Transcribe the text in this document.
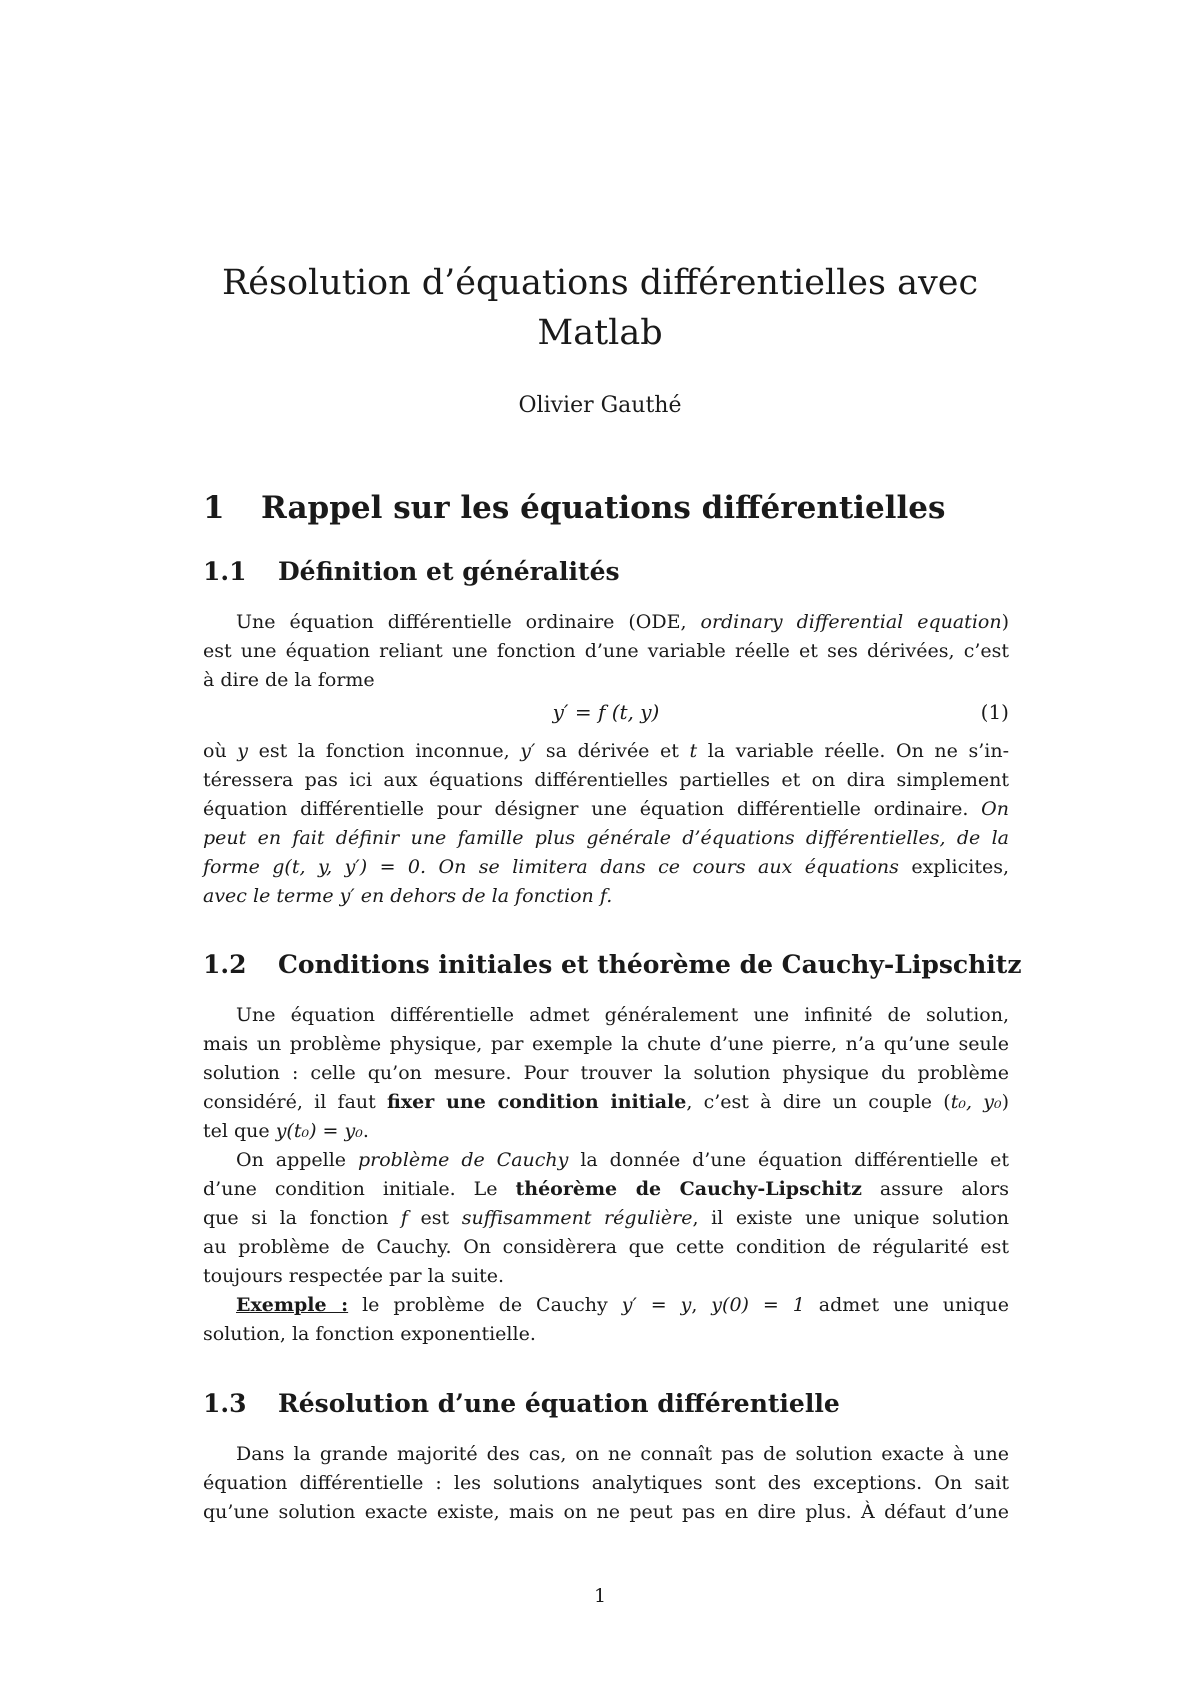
Résolution d’équations différentielles avec
Matlab
Olivier Gauthé
1 Rappel sur les équations différentielles
1.1 Définition et généralités
Une équation différentielle ordinaire (ODE, ordinary differential equation)
est une équation reliant une fonction d’une variable réelle et ses dérivées, c’est
à dire de la forme
y′ = f (t, y)	(1)
où y est la fonction inconnue, y′ sa dérivée et t la variable réelle. On ne s’in-
téressera pas ici aux équations différentielles partielles et on dira simplement
équation différentielle pour désigner une équation différentielle ordinaire. On
peut en fait définir une famille plus générale d’équations différentielles, de la
forme g(t, y, y′) = 0. On se limitera dans ce cours aux équations explicites,
avec le terme y′ en dehors de la fonction f.
1.2 Conditions initiales et théorème de Cauchy-Lipschitz
Une équation différentielle admet généralement une infinité de solution,
mais un problème physique, par exemple la chute d’une pierre, n’a qu’une seule
solution : celle qu’on mesure. Pour trouver la solution physique du problème
considéré, il faut fixer une condition initiale, c’est à dire un couple (t₀, y₀)
tel que y(t₀) = y₀.
On appelle problème de Cauchy la donnée d’une équation différentielle et
d’une condition initiale. Le théorème de Cauchy-Lipschitz assure alors
que si la fonction f est suffisamment régulière, il existe une unique solution
au problème de Cauchy. On considèrera que cette condition de régularité est
toujours respectée par la suite.
Exemple : le problème de Cauchy y′ = y, y(0) = 1 admet une unique
solution, la fonction exponentielle.
1.3 Résolution d’une équation différentielle
Dans la grande majorité des cas, on ne connaît pas de solution exacte à une
équation différentielle : les solutions analytiques sont des exceptions. On sait
qu’une solution exacte existe, mais on ne peut pas en dire plus. À défaut d’une
1
